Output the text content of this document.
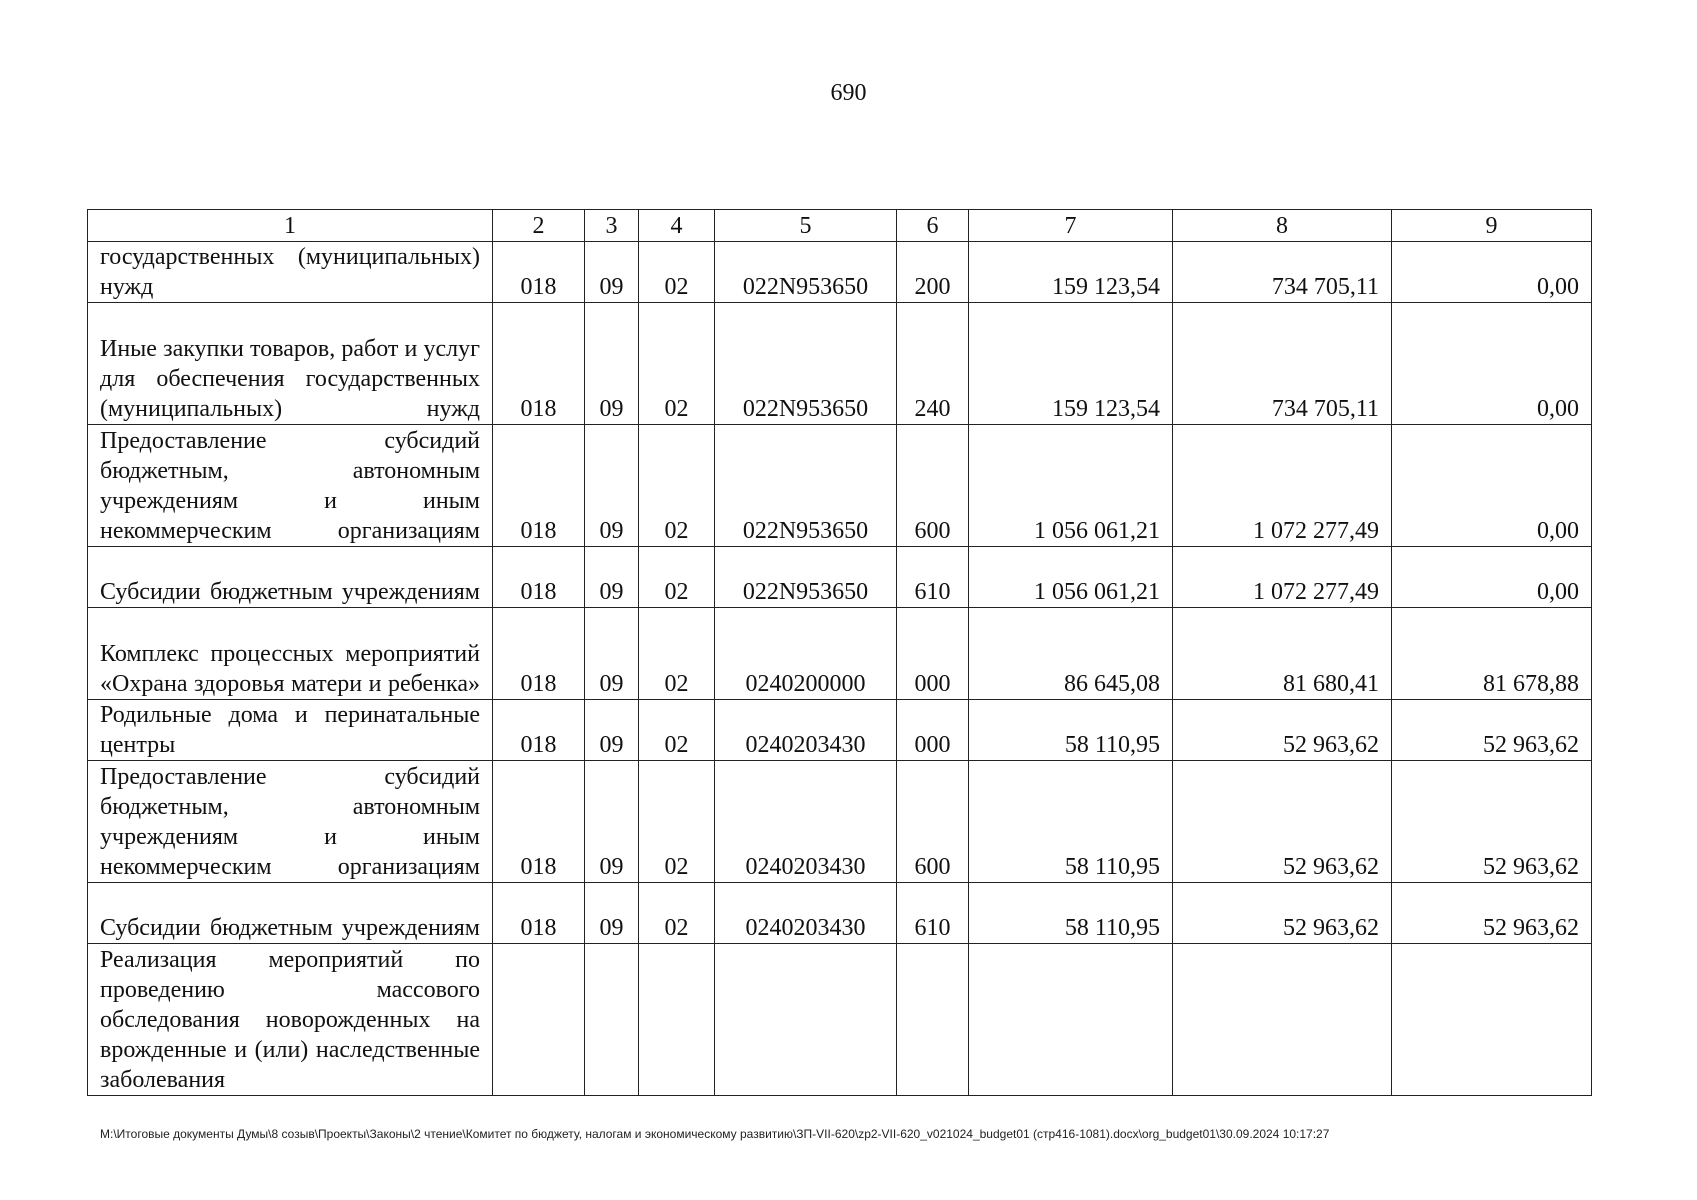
690
1	2	3	4	5	6	7	8	9
государственных (муниципальных) нужд	018	09	02	022N953650	200	159 123,54	734 705,11	0,00
Иные закупки товаров, работ и услуг для обеспечения государственных (муниципальных) нужд	018	09	02	022N953650	240	159 123,54	734 705,11	0,00
Предоставление субсидий бюджетным, автономным учреждениям и иным некоммерческим организациям	018	09	02	022N953650	600	1 056 061,21	1 072 277,49	0,00
Субсидии бюджетным учреждениям	018	09	02	022N953650	610	1 056 061,21	1 072 277,49	0,00
Комплекс процессных мероприятий «Охрана здоровья матери и ребенка»	018	09	02	0240200000	000	86 645,08	81 680,41	81 678,88
Родильные дома и перинатальные центры	018	09	02	0240203430	000	58 110,95	52 963,62	52 963,62
Предоставление субсидий бюджетным, автономным учреждениям и иным некоммерческим организациям	018	09	02	0240203430	600	58 110,95	52 963,62	52 963,62
Субсидии бюджетным учреждениям	018	09	02	0240203430	610	58 110,95	52 963,62	52 963,62
Реализация мероприятий по проведению массового обследования новорожденных на врожденные и (или) наследственные заболевания								
M:\Итоговые документы Думы\8 созыв\Проекты\Законы\2 чтение\Комитет по бюджету, налогам и экономическому развитию\ЗП-VII-620\zp2-VII-620_v021024_budget01 (стр416-1081).docx\org_budget01\30.09.2024 10:17:27
